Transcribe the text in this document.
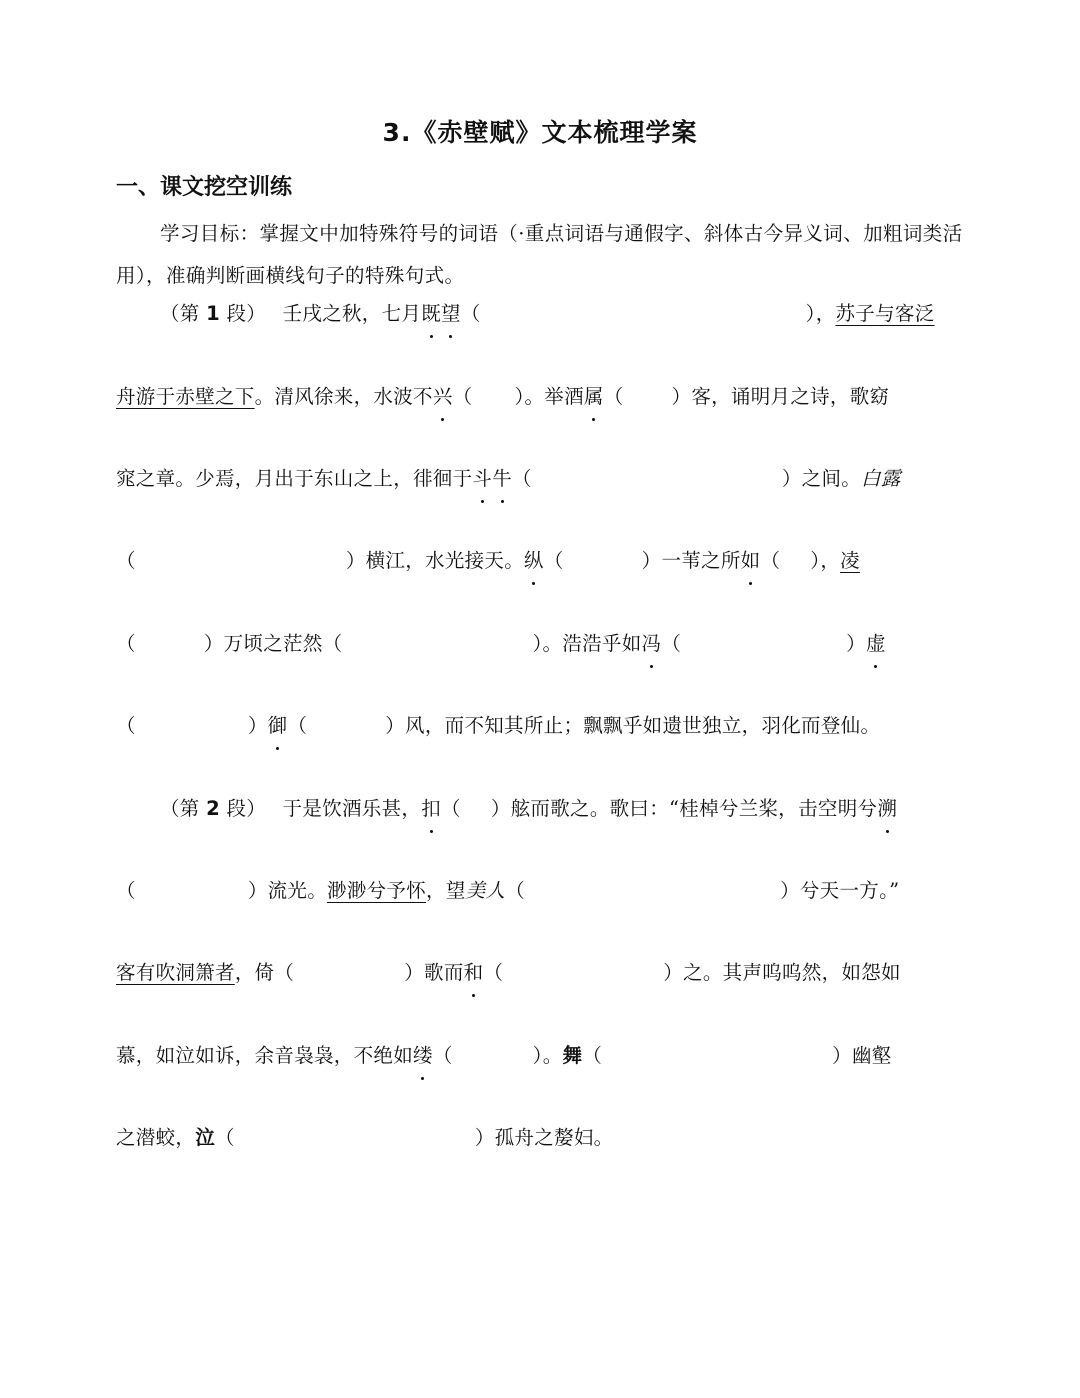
3.《赤壁赋》文本梳理学案
一、课文挖空训练
学习目标：掌握文中加特殊符号的词语（·重点词语与通假字、斜体古今异义词、加粗词类活用），准确判断画横线句子的特殊句式。
（第 1 段） 壬戌之秋，七月既望（	），苏子与客泛
舟游于赤壁之下。清风徐来，水波不兴（ ）。举酒属（ ）客，诵明月之诗，歌窈
窕之章。少焉，月出于东山之上，徘徊于斗牛（	）之间。白露
（	）横江，水光接天。纵（	）一苇之所如（ ），凌
（	）万顷之茫然（	）。浩浩乎如冯（	）虚
（	）御（	）风，而不知其所止；飘飘乎如遗世独立，羽化而登仙。
（第 2 段） 于是饮酒乐甚，扣（ ）舷而歌之。歌曰：“桂棹兮兰桨，击空明兮溯
（	）流光。渺渺兮予怀，望美人（	）兮天一方。”
客有吹洞箫者，倚（	）歌而和（	）之。其声呜呜然，如怨如
慕，如泣如诉，余音袅袅，不绝如缕（	）。舞（	）幽壑
之潜蛟，泣（	）孤舟之嫠妇。
